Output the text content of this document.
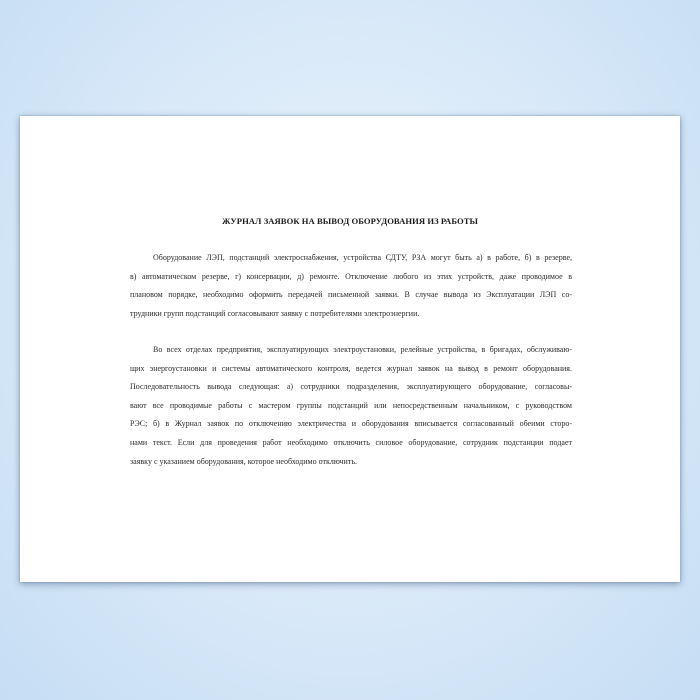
ЖУРНАЛ ЗАЯВОК НА ВЫВОД ОБОРУДОВАНИЯ ИЗ РАБОТЫ
Оборудование ЛЭП, подстанций электроснабжения, устройства СДТУ, РЗА могут быть а) в работе, б) в резерве,
в) автоматическом резерве, г) консервации, д) ремонте. Отключение любого из этих устройств, даже проводимое в
плановом порядке, необходимо оформить передачей письменной заявки. В случае вывода из Эксплуатации ЛЭП со-
трудники групп подстанций согласовывают заявку с потребителями электроэнергии.
Во всех отделах предприятия, эксплуатирующих электроустановки, релейные устройства, в бригадах, обслуживаю-
щих энергоустановки и системы автоматического контроля, ведется журнал заявок на вывод в ремонт оборудования.
Последовательность вывода следующая: а) сотрудники подразделения, эксплуатирующего оборудование, согласовы-
вают все проводимые работы с мастером группы подстанций или непосредственным начальником, с руководством
РЭС; б) в Журнал заявок по отключению электричества и оборудования вписывается согласованный обеими сторо-
нами текст. Если для проведения работ необходимо отключить силовое оборудование, сотрудник подстанции подает
заявку с указанием оборудования, которое необходимо отключить.
